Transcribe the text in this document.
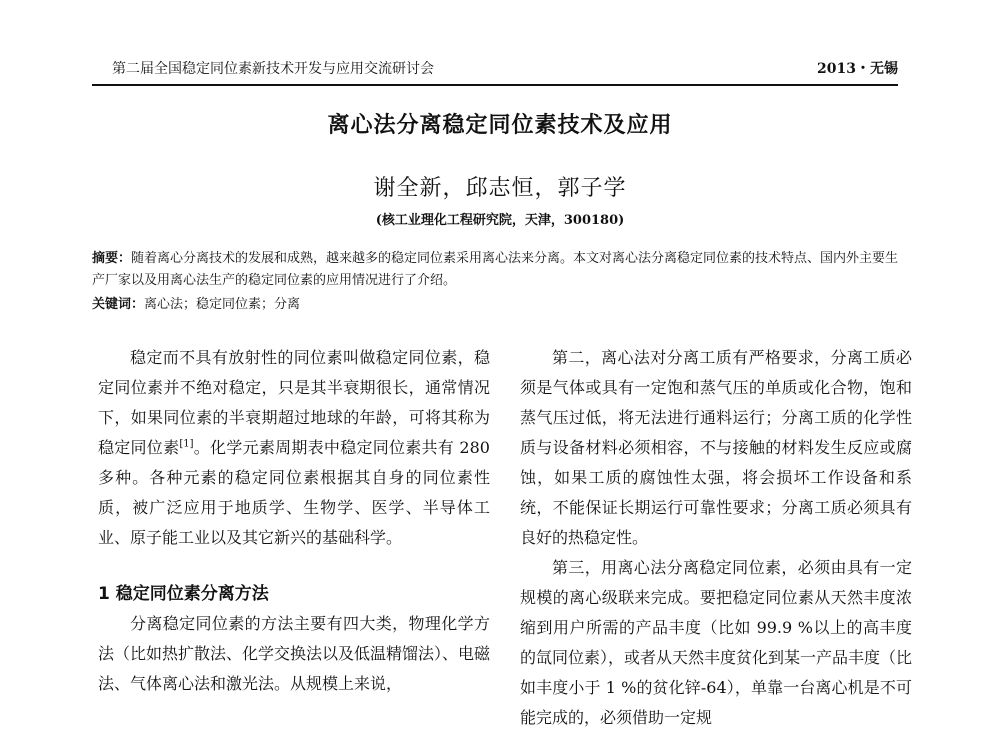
第二届全国稳定同位素新技术开发与应用交流研讨会	2013・无锡
离心法分离稳定同位素技术及应用
谢全新，邱志恒，郭子学
(核工业理化工程研究院，天津，300180)

摘要：随着离心分离技术的发展和成熟，越来越多的稳定同位素采用离心法来分离。本文对离心法分离稳定同位素的技术特点、国内外主要生产厂家以及用离心法生产的稳定同位素的应用情况进行了介绍。

关键词：离心法；稳定同位素；分离

稳定而不具有放射性的同位素叫做稳定同位素，稳定同位素并不绝对稳定，只是其半衰期很长，通常情况下，如果同位素的半衰期超过地球的年龄，可将其称为稳定同位素[1]。化学元素周期表中稳定同位素共有 280 多种。各种元素的稳定同位素根据其自身的同位素性质，被广泛应用于地质学、生物学、医学、半导体工业、原子能工业以及其它新兴的基础科学。

1 稳定同位素分离方法

分离稳定同位素的方法主要有四大类，物理化学方法（比如热扩散法、化学交换法以及低温精馏法）、电磁法、气体离心法和激光法。从规模上来说，

第二，离心法对分离工质有严格要求，分离工质必须是气体或具有一定饱和蒸气压的单质或化合物，饱和蒸气压过低，将无法进行通料运行；分离工质的化学性质与设备材料必须相容，不与接触的材料发生反应或腐蚀，如果工质的腐蚀性太强，将会损坏工作设备和系统，不能保证长期运行可靠性要求；分离工质必须具有良好的热稳定性。

第三，用离心法分离稳定同位素，必须由具有一定规模的离心级联来完成。要把稳定同位素从天然丰度浓缩到用户所需的产品丰度（比如 99.9 %以上的高丰度的氙同位素），或者从天然丰度贫化到某一产品丰度（比如丰度小于 1 %的贫化锌-64），单靠一台离心机是不可能完成的，必须借助一定规
